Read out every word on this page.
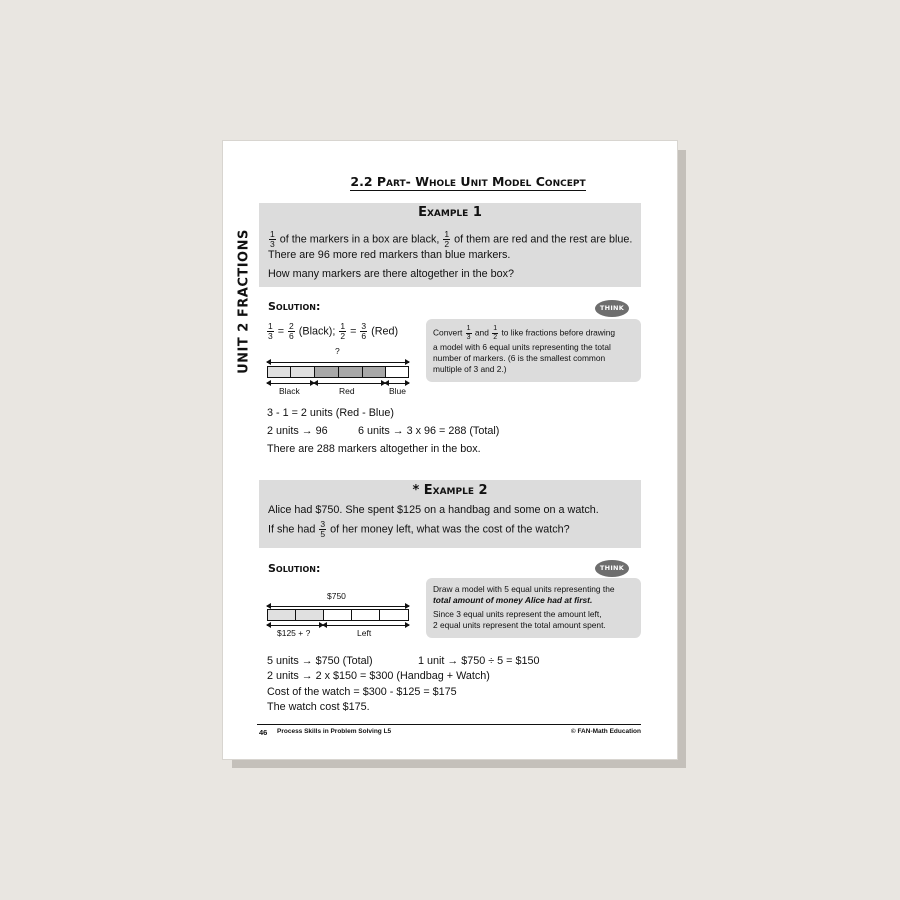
UNIT 2 FRACTIONS
2.2 Part- Whole Unit Model Concept
Example 1
$\frac{1}{3}$ of the markers in a box are black, $\frac{1}{2}$ of them are red and the rest are blue.
There are 96 more red markers than blue markers.
How many markers are there altogether in the box?
Solution:	THINK
$\frac{1}{3} = \frac{2}{6}$ (Black); $\frac{1}{2} = \frac{3}{6} (Red)$
?
Black	Red	Blue
Convert $\frac{1}{3}$ and $\frac{1}{2}$ to like fractions before drawing
a model with 6 equal units representing the total
number of markers. (6 is the smallest common
multiple of 3 and 2.)
3 - 1 = 2 units (Red - Blue)
2 units → 96	6 units → 3 x 96 = 288 (Total)
There are 288 markers altogether in the box.
* Example 2
Alice had $750. She spent $125 on a handbag and some on a watch.
If she had $\frac{3}{5}$ of her money left, what was the cost of the watch?
Solution:	THINK
Draw a model with 5 equal units representing the
total amount of money Alice had at first.
Since 3 equal units represent the amount left,
2 equal units represent the total amount spent.
$750
$125 + ?	Left
5 units → $750 (Total)	1 unit → $750 ÷ 5 = $150
2 units → 2 x $150 = $300 (Handbag + Watch)
Cost of the watch = $300 - $125 = $175
The watch cost $175.
46 Process Skills in Problem Solving L5	© FAN-Math Education
